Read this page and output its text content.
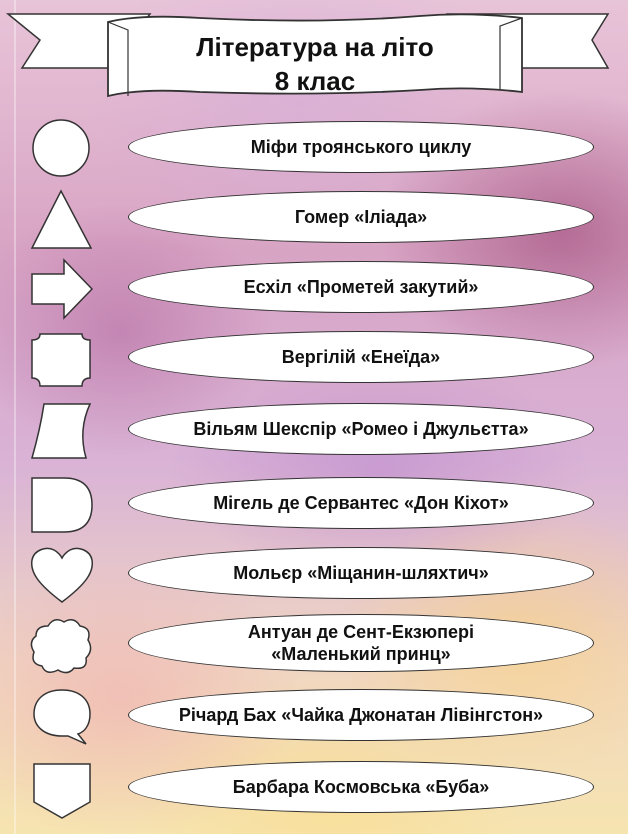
Література на літо
8 клас
Міфи троянського циклу
Гомер «Іліада»
Есхіл «Прометей закутий»
Вергілій «Енеїда»
Вільям Шекспір «Ромео і Джульєтта»
Мігель де Сервантес «Дон Кіхот»
Мольєр «Міщанин-шляхтич»
Антуан де Сент-Екзюпері
«Маленький принц»
Річард Бах «Чайка Джонатан Лівінгстон»
Барбара Космовська «Буба»
